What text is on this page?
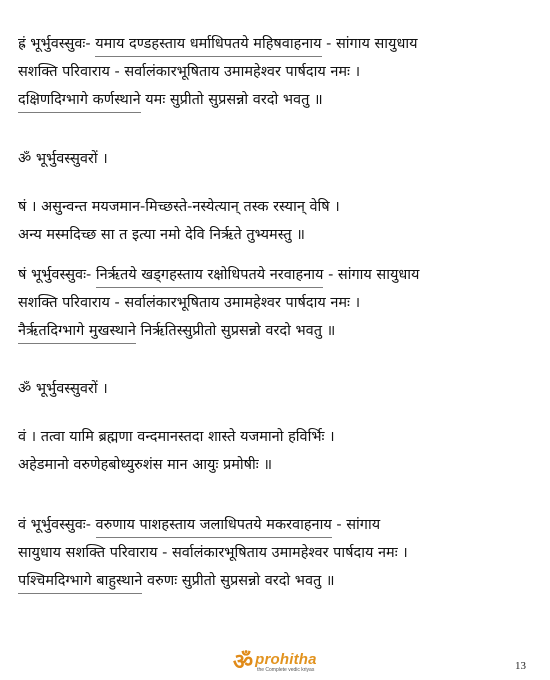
ह्रं भूर्भुवस्सुवः- यमाय दण्डहस्ताय धर्माधिपतये महिषवाहनाय - सांगाय सायुधाय
सशक्ति परिवाराय - सर्वालंकारभूषिताय उमामहेश्वर पार्षदाय नमः ।
दक्षिणदिग्भागे कर्णस्थाने यमः सुप्रीतो सुप्रसन्नो वरदो भवतु ॥
ॐ भूर्भुवस्सुवरों ।
षं । असुन्वन्त मयजमान-मिच्छस्ते-नस्येत्यान् तस्क रस्यान् वेषि ।
अन्य मस्मदिच्छ सा त इत्या नमो देवि निर्ऋते तुभ्यमस्तु ॥
षं भूर्भुवस्सुवः- निर्ऋतये खड्गहस्ताय रक्षोधिपतये नरवाहनाय - सांगाय सायुधाय
सशक्ति परिवाराय - सर्वालंकारभूषिताय उमामहेश्वर पार्षदाय नमः ।
नैर्ऋतदिग्भागे मुखस्थाने निर्ऋतिस्सुप्रीतो सुप्रसन्नो वरदो भवतु ॥
ॐ भूर्भुवस्सुवरों ।
वं । तत्वा यामि ब्रह्मणा वन्दमानस्तदा शास्ते यजमानो हविर्भिः ।
अहेडमानो वरुणेहबोध्युरुशंस मान आयुः प्रमोषीः ॥
वं भूर्भुवस्सुवः- वरुणाय पाशहस्ताय जलाधिपतये मकरवाहनाय - सांगाय
सायुधाय सशक्ति परिवाराय - सर्वालंकारभूषिताय उमामहेश्वर पार्षदाय नमः ।
पश्चिमदिग्भागे बाहुस्थाने वरुणः सुप्रीतो सुप्रसन्नो वरदो भवतु ॥
ॐ prohitha
the Complete vedic kriyas	13
